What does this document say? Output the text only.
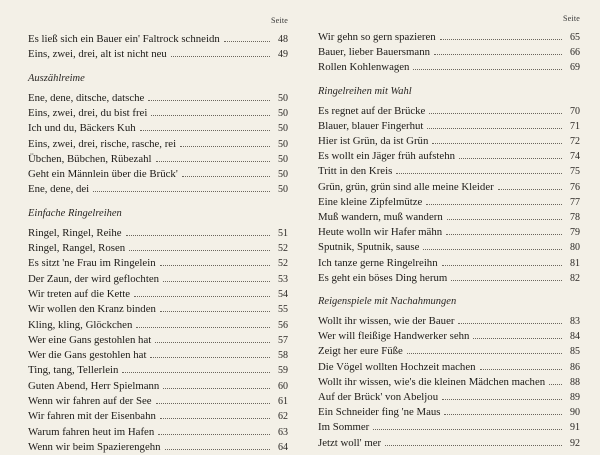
Seite
Es ließ sich ein Bauer ein' Faltrock schneidn	48
Eins, zwei, drei, alt ist nicht neu	49
Auszählreime
Ene, dene, ditsche, datsche	50
Eins, zwei, drei, du bist frei	50
Ich und du, Bäckers Kuh	50
Eins, zwei, drei, rische, rasche, rei	50
Übchen, Bübchen, Rübezahl	50
Geht ein Männlein über die Brück'	50
Ene, dene, dei	50
Einfache Ringelreihen
Ringel, Ringel, Reihe	51
Ringel, Rangel, Rosen	52
Es sitzt 'ne Frau im Ringelein	52
Der Zaun, der wird geflochten	53
Wir treten auf die Kette	54
Wir wollen den Kranz binden	55
Kling, kling, Glöckchen	56
Wer eine Gans gestohlen hat	57
Wer die Gans gestohlen hat	58
Ting, tang, Tellerlein	59
Guten Abend, Herr Spielmann	60
Wenn wir fahren auf der See	61
Wir fahren mit der Eisenbahn	62
Warum fahren heut im Hafen	63
Wenn wir beim Spazierengehn	64
Seite
Wir gehn so gern spazieren	65
Bauer, lieber Bauersmann	66
Rollen Kohlenwagen	69
Ringelreihen mit Wahl
Es regnet auf der Brücke	70
Blauer, blauer Fingerhut	71
Hier ist Grün, da ist Grün	72
Es wollt ein Jäger früh aufstehn	74
Tritt in den Kreis	75
Grün, grün, grün sind alle meine Kleider	76
Eine kleine Zipfelmütze	77
Muß wandern, muß wandern	78
Heute wolln wir Hafer mähn	79
Sputnik, Sputnik, sause	80
Ich tanze gerne Ringelreihn	81
Es geht ein böses Ding herum	82
Reigenspiele mit Nachahmungen
Wollt ihr wissen, wie der Bauer	83
Wer will fleißige Handwerker sehn	84
Zeigt her eure Füße	85
Die Vögel wollten Hochzeit machen	86
Wollt ihr wissen, wie's die kleinen Mädchen machen	88
Auf der Brück' von Abeljou	89
Ein Schneider fing 'ne Maus	90
Im Sommer	91
Jetzt woll' mer	92
